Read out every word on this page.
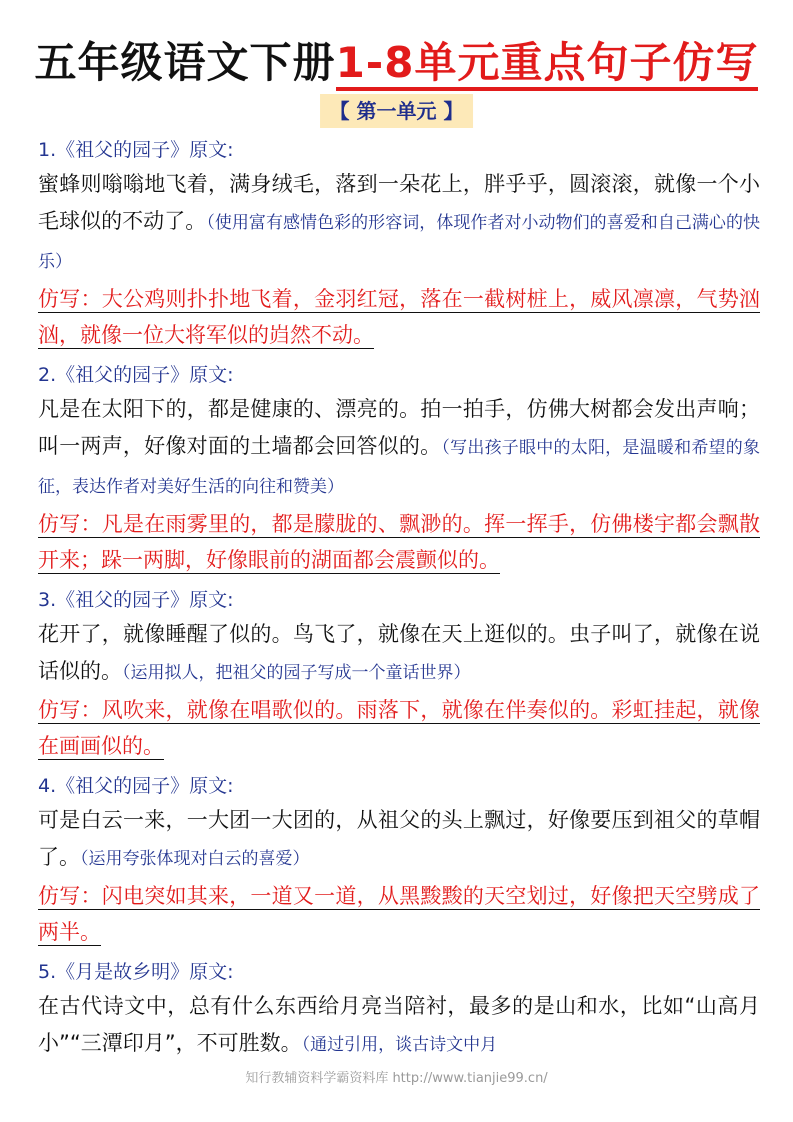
五年级语文下册1-8单元重点句子仿写
【 第一单元 】
1.《祖父的园子》原文:
蜜蜂则嗡嗡地飞着，满身绒毛，落到一朵花上，胖乎乎，圆滚滚，就像一个小毛球似的不动了。（使用富有感情色彩的形容词，体现作者对小动物们的喜爱和自己满心的快乐）
仿写：大公鸡则扑扑地飞着，金羽红冠，落在一截树桩上，威风凛凛，气势汹汹，就像一位大将军似的岿然不动。
2.《祖父的园子》原文:
凡是在太阳下的，都是健康的、漂亮的。拍一拍手，仿佛大树都会发出声响；叫一两声，好像对面的土墙都会回答似的。（写出孩子眼中的太阳，是温暖和希望的象征，表达作者对美好生活的向往和赞美）
仿写：凡是在雨雾里的，都是朦胧的、飘渺的。挥一挥手，仿佛楼宇都会飘散开来；跺一两脚，好像眼前的湖面都会震颤似的。
3.《祖父的园子》原文:
花开了，就像睡醒了似的。鸟飞了，就像在天上逛似的。虫子叫了，就像在说话似的。（运用拟人，把祖父的园子写成一个童话世界）
仿写：风吹来，就像在唱歌似的。雨落下，就像在伴奏似的。彩虹挂起，就像在画画似的。
4.《祖父的园子》原文:
可是白云一来，一大团一大团的，从祖父的头上飘过，好像要压到祖父的草帽了。（运用夸张体现对白云的喜爱）
仿写：闪电突如其来，一道又一道，从黑黢黢的天空划过，好像把天空劈成了两半。
5.《月是故乡明》原文:
在古代诗文中，总有什么东西给月亮当陪衬，最多的是山和水，比如“山高月小”“三潭印月”，不可胜数。（通过引用，谈古诗文中月
知行教辅资料学霸资料库 http://www.tianjie99.cn/
